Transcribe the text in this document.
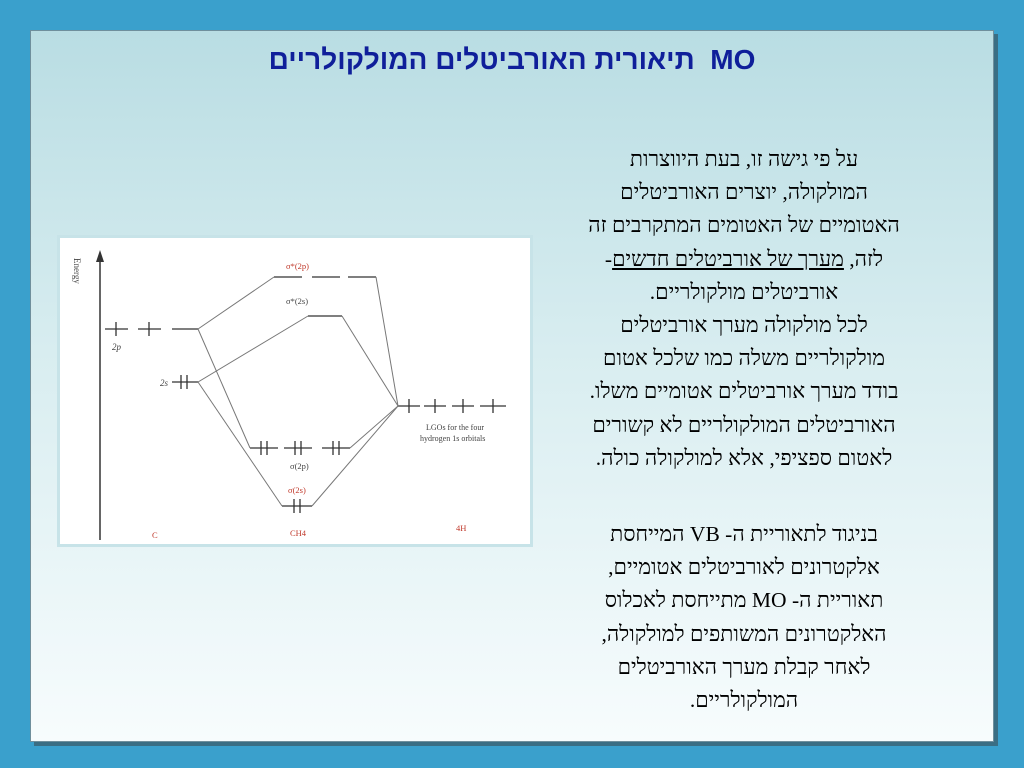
תיאורית האורביטלים המולקולריים MO

על פי גישה זו, בעת היווצרות
המולקולה, יוצרים האורביטלים
האטומיים של האטומים המתקרבים זה
לזה, מערך של אורביטלים חדשים-
אורביטלים מולקולריים.
לכל מולקולה מערך אורביטלים
מולקולריים משלה כמו שלכל אטום
בודד מערך אורביטלים אטומיים משלו.
האורביטלים המולקולריים לא קשורים
לאטום ספציפי, אלא למולקולה כולה.

בניגוד לתאוריית ה- VB המייחסת
אלקטרונים לאורביטלים אטומיים,
תאוריית ה- MO מתייחסת לאכלוס
האלקטרונים המשותפים למולקולה,
לאחר קבלת מערך האורביטלים
המולקולריים.

Energy
2p
2s
σ*(2p)
σ*(2s)
σ(2p)
σ(2s)
LGOs for the four
hydrogen 1s orbitals
C	CH4	4H
